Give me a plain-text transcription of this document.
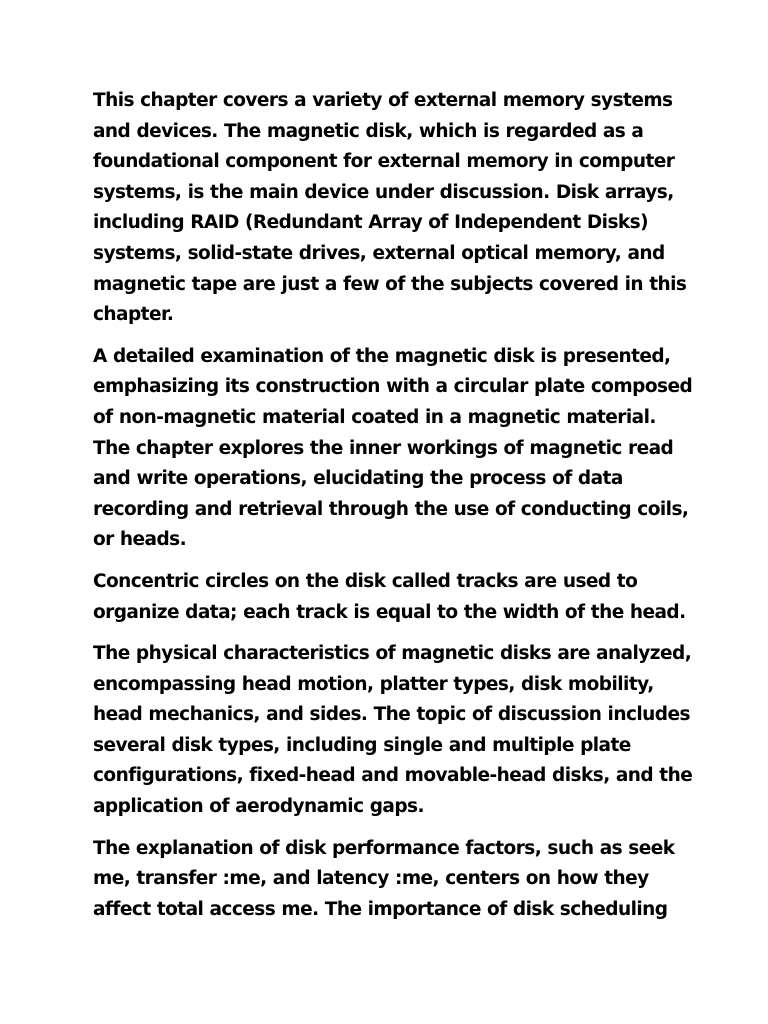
This chapter covers a variety of external memory systems
and devices. The magnetic disk, which is regarded as a
foundational component for external memory in computer
systems, is the main device under discussion. Disk arrays,
including RAID (Redundant Array of Independent Disks)
systems, solid-state drives, external optical memory, and
magnetic tape are just a few of the subjects covered in this
chapter.

A detailed examination of the magnetic disk is presented,
emphasizing its construction with a circular plate composed
of non-magnetic material coated in a magnetic material.
The chapter explores the inner workings of magnetic read
and write operations, elucidating the process of data
recording and retrieval through the use of conducting coils,
or heads.

Concentric circles on the disk called tracks are used to
organize data; each track is equal to the width of the head.

The physical characteristics of magnetic disks are analyzed,
encompassing head motion, platter types, disk mobility,
head mechanics, and sides. The topic of discussion includes
several disk types, including single and multiple plate
configurations, fixed-head and movable-head disks, and the
application of aerodynamic gaps.

The explanation of disk performance factors, such as seek
me, transfer :me, and latency :me, centers on how they
affect total access me. The importance of disk scheduling
